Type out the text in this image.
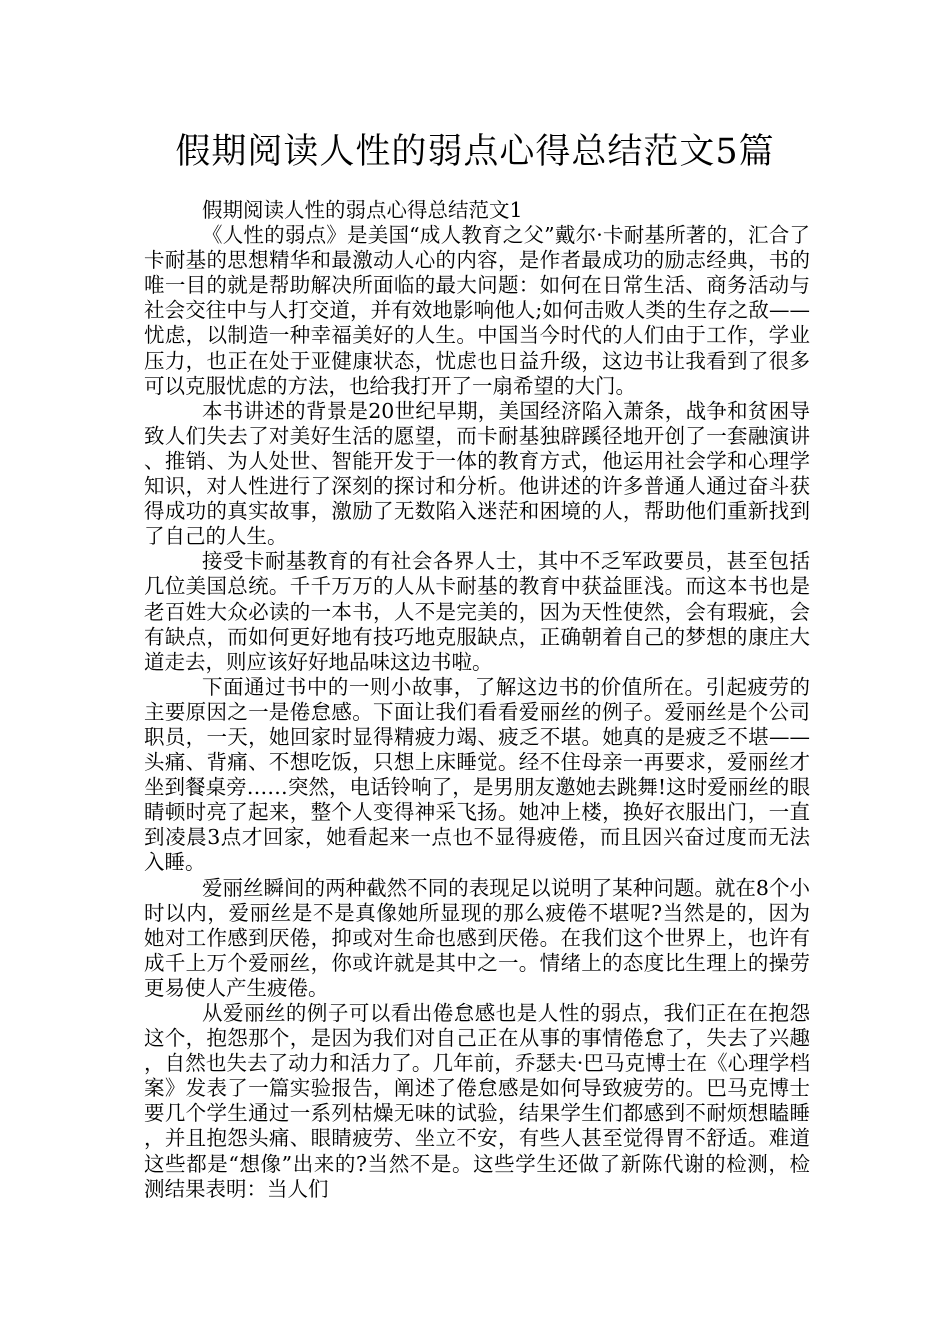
假期阅读人性的弱点心得总结范文5篇

假期阅读人性的弱点心得总结范文1

《人性的弱点》是美国“成人教育之父”戴尔·卡耐基所著的，汇合了卡耐基的思想精华和最激动人心的内容，是作者最成功的励志经典，书的唯一目的就是帮助解决所面临的最大问题：如何在日常生活、商务活动与社会交往中与人打交道，并有效地影响他人;如何击败人类的生存之敌——忧虑，以制造一种幸福美好的人生。中国当今时代的人们由于工作，学业压力，也正在处于亚健康状态，忧虑也日益升级，这边书让我看到了很多可以克服忧虑的方法，也给我打开了一扇希望的大门。

本书讲述的背景是20世纪早期，美国经济陷入萧条，战争和贫困导致人们失去了对美好生活的愿望，而卡耐基独辟蹊径地开创了一套融演讲、推销、为人处世、智能开发于一体的教育方式，他运用社会学和心理学知识，对人性进行了深刻的探讨和分析。他讲述的许多普通人通过奋斗获得成功的真实故事，激励了无数陷入迷茫和困境的人，帮助他们重新找到了自己的人生。

接受卡耐基教育的有社会各界人士，其中不乏军政要员，甚至包括几位美国总统。千千万万的人从卡耐基的教育中获益匪浅。而这本书也是老百姓大众必读的一本书，人不是完美的，因为天性使然，会有瑕疵，会有缺点，而如何更好地有技巧地克服缺点，正确朝着自己的梦想的康庄大道走去，则应该好好地品味这边书啦。

下面通过书中的一则小故事，了解这边书的价值所在。引起疲劳的主要原因之一是倦怠感。下面让我们看看爱丽丝的例子。爱丽丝是个公司职员，一天，她回家时显得精疲力竭、疲乏不堪。她真的是疲乏不堪——头痛、背痛、不想吃饭，只想上床睡觉。经不住母亲一再要求，爱丽丝才坐到餐桌旁……突然，电话铃响了，是男朋友邀她去跳舞!这时爱丽丝的眼睛顿时亮了起来，整个人变得神采飞扬。她冲上楼，换好衣服出门，一直到凌晨3点才回家，她看起来一点也不显得疲倦，而且因兴奋过度而无法入睡。

爱丽丝瞬间的两种截然不同的表现足以说明了某种问题。就在8个小时以内，爱丽丝是不是真像她所显现的那么疲倦不堪呢?当然是的，因为她对工作感到厌倦，抑或对生命也感到厌倦。在我们这个世界上，也许有成千上万个爱丽丝，你或许就是其中之一。情绪上的态度比生理上的操劳更易使人产生疲倦。

从爱丽丝的例子可以看出倦怠感也是人性的弱点，我们正在在抱怨这个，抱怨那个，是因为我们对自己正在从事的事情倦怠了，失去了兴趣，自然也失去了动力和活力了。几年前，乔瑟夫·巴马克博士在《心理学档案》发表了一篇实验报告，阐述了倦怠感是如何导致疲劳的。巴马克博士要几个学生通过一系列枯燥无味的试验，结果学生们都感到不耐烦想瞌睡，并且抱怨头痛、眼睛疲劳、坐立不安，有些人甚至觉得胃不舒适。难道这些都是“想像”出来的?当然不是。这些学生还做了新陈代谢的检测，检测结果表明：当人们
